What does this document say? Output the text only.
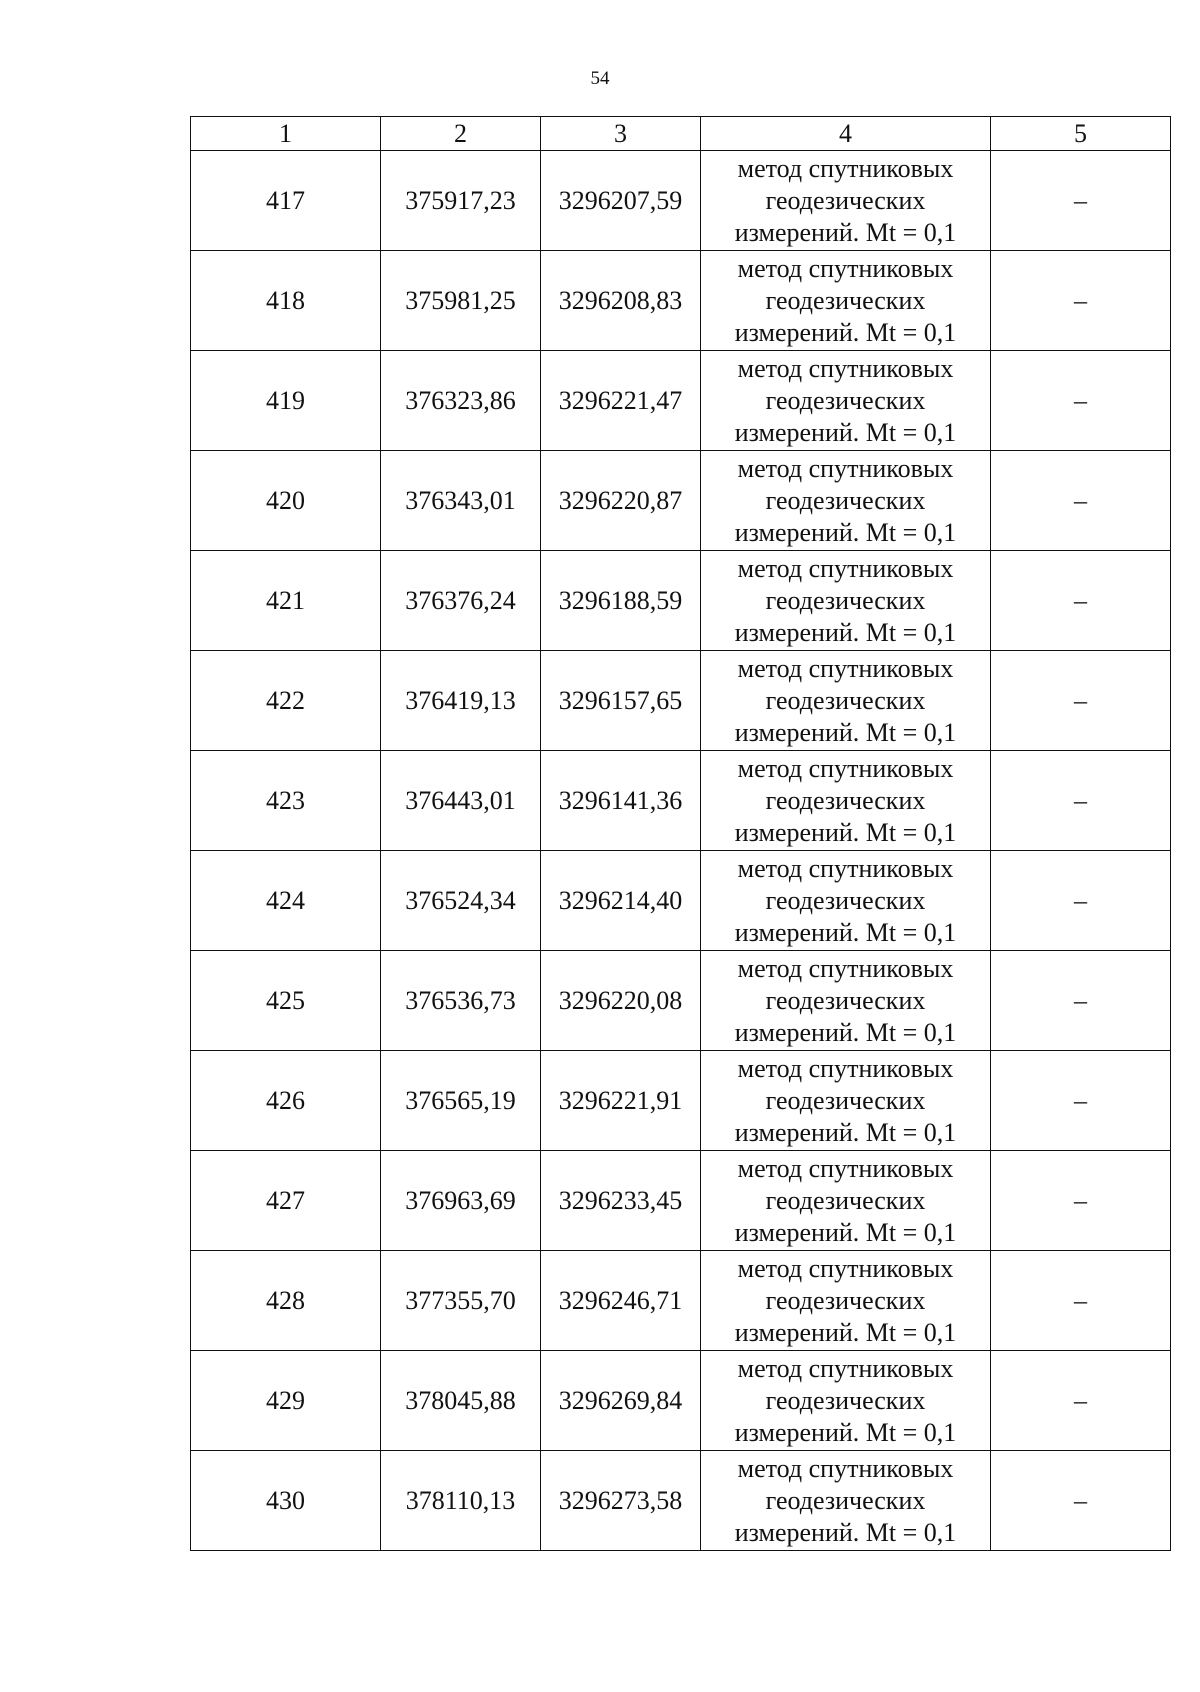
54
1	2	3	4	5
417	375917,23	3296207,59	метод спутниковых
геодезических
измерений. Mt = 0,1	–
418	375981,25	3296208,83	метод спутниковых
геодезических
измерений. Mt = 0,1	–
419	376323,86	3296221,47	метод спутниковых
геодезических
измерений. Mt = 0,1	–
420	376343,01	3296220,87	метод спутниковых
геодезических
измерений. Mt = 0,1	–
421	376376,24	3296188,59	метод спутниковых
геодезических
измерений. Mt = 0,1	–
422	376419,13	3296157,65	метод спутниковых
геодезических
измерений. Mt = 0,1	–
423	376443,01	3296141,36	метод спутниковых
геодезических
измерений. Mt = 0,1	–
424	376524,34	3296214,40	метод спутниковых
геодезических
измерений. Mt = 0,1	–
425	376536,73	3296220,08	метод спутниковых
геодезических
измерений. Mt = 0,1	–
426	376565,19	3296221,91	метод спутниковых
геодезических
измерений. Mt = 0,1	–
427	376963,69	3296233,45	метод спутниковых
геодезических
измерений. Mt = 0,1	–
428	377355,70	3296246,71	метод спутниковых
геодезических
измерений. Mt = 0,1	–
429	378045,88	3296269,84	метод спутниковых
геодезических
измерений. Mt = 0,1	–
430	378110,13	3296273,58	метод спутниковых
геодезических
измерений. Mt = 0,1	–
